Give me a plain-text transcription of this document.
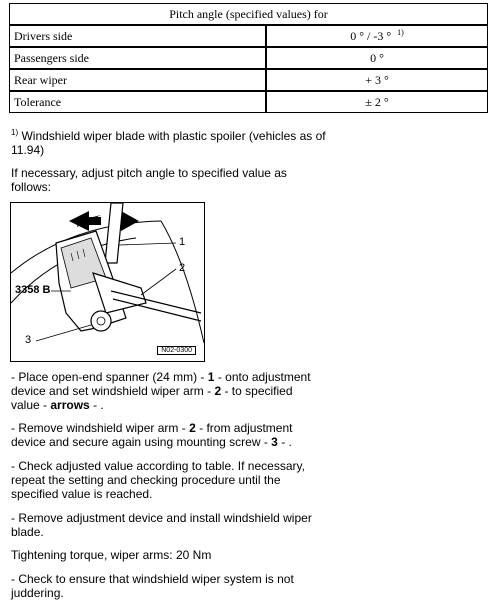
Pitch angle (specified values) for	
Drivers side	0 ° / -3 ° $^{1)}$
Passengers side	0 °
Rear wiper	+ 3 °
Tolerance	± 2 °
$^{1)}$ Windshield wiper blade with plastic spoiler (vehicles as of 11.94)
If necessary, adjust pitch angle to specified value as follows:
1
2
3
3358 B
N02-0300
- Place open-end spanner (24 mm) - 1 - onto adjustment device and set windshield wiper arm - 2 - to specified value - arrows - .
- Remove windshield wiper arm - 2 - from adjustment device and secure again using mounting screw - 3 - .
- Check adjusted value according to table. If necessary, repeat the setting and checking procedure until the specified value is reached.
- Remove adjustment device and install windshield wiper blade.
Tightening torque, wiper arms: 20 Nm
- Check to ensure that windshield wiper system is not juddering.
